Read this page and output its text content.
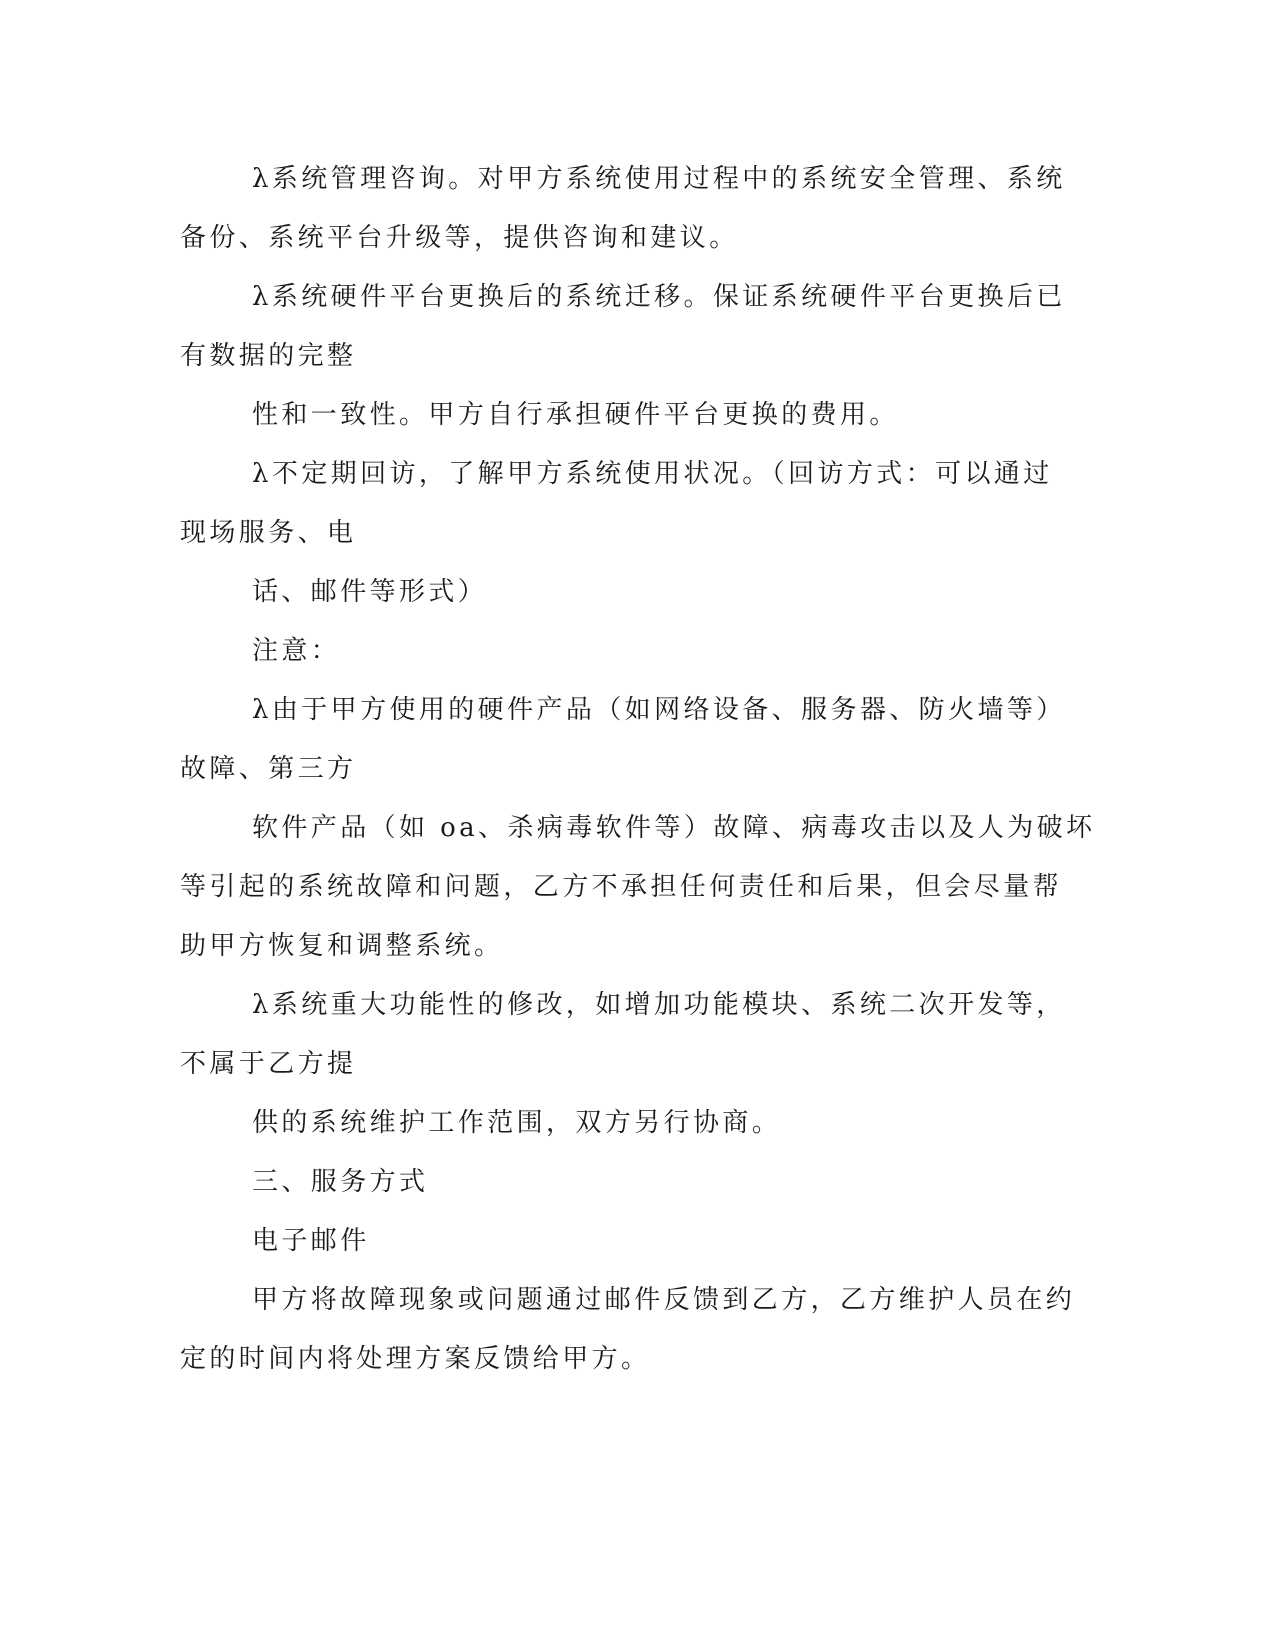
λ系统管理咨询。对甲方系统使用过程中的系统安全管理、系统
备份、系统平台升级等，提供咨询和建议。
λ系统硬件平台更换后的系统迁移。保证系统硬件平台更换后已
有数据的完整
性和一致性。甲方自行承担硬件平台更换的费用。
λ不定期回访，了解甲方系统使用状况。（回访方式：可以通过
现场服务、电
话、邮件等形式）
注意：
λ由于甲方使用的硬件产品（如网络设备、服务器、防火墙等）
故障、第三方
软件产品（如 oa、杀病毒软件等）故障、病毒攻击以及人为破坏
等引起的系统故障和问题，乙方不承担任何责任和后果，但会尽量帮
助甲方恢复和调整系统。
λ系统重大功能性的修改，如增加功能模块、系统二次开发等，
不属于乙方提
供的系统维护工作范围，双方另行协商。
三、服务方式
电子邮件
甲方将故障现象或问题通过邮件反馈到乙方，乙方维护人员在约
定的时间内将处理方案反馈给甲方。
